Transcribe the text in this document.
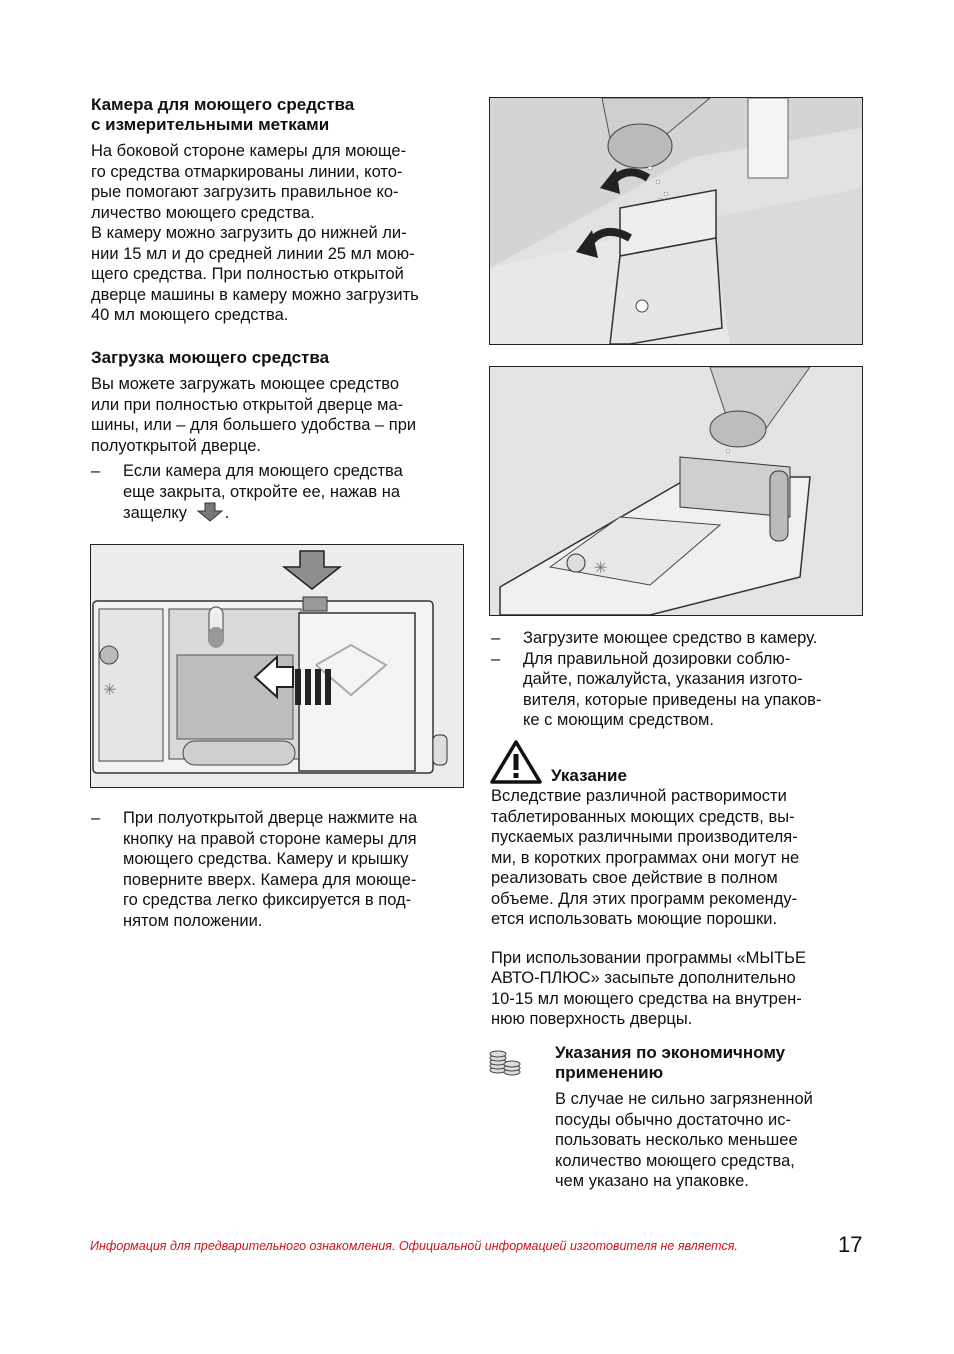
Камера для моющего средства

с измерительными метками

На боковой стороне камеры для моюще-

го средства отмаркированы линии, кото-

рые помогают загрузить правильное ко-

личество моющего средства.

В камеру можно загрузить до нижней ли-

нии 15 мл и до средней линии 25 мл мою-

щего средства. При полностью открытой

дверце машины в камеру можно загрузить

40 мл моющего средства.

Загрузка моющего средства

Вы можете загружать моющее средство

или при полностью открытой дверце ма-

шины, или – для большего удобства – при

полуоткрытой дверце.

– Если камера для моющего средства

еще закрыта, откройте ее, нажав на

защелку .

✳
– При полуоткрытой дверце нажмите на

кнопку на правой стороне камеры для

моющего средства. Камеру и крышку

поверните вверх. Камера для моюще-

го средства легко фиксируется в под-

нятом положении.

✳
– Загрузите моющее средство в камеру.

– Для правильной дозировки соблю-

дайте, пожалуйста, указания изгото-

вителя, которые приведены на упаков-

ке с моющим средством.

Указание

Вследствие различной растворимости

таблетированных моющих средств, вы-

пускаемых различными производителя-

ми, в коротких программах они могут не

реализовать свое действие в полном

объеме. Для этих программ рекомендy-

ется использовать моющие порошки.

При использовании программы «МЫТЬЕ

АВТО-ПЛЮС» засыпьте дополнительно

10-15 мл моющего средства на внутрен-

нюю поверхность дверцы.

Указания по экономичному

применению

В случае не сильно загрязненной

посуды обычно достаточно ис-

пользовать несколько меньшее

количество моющего средства,

чем указано на упаковке.

Информация для предварительного ознакомления. Официальной информацией изготовителя не является.	17
